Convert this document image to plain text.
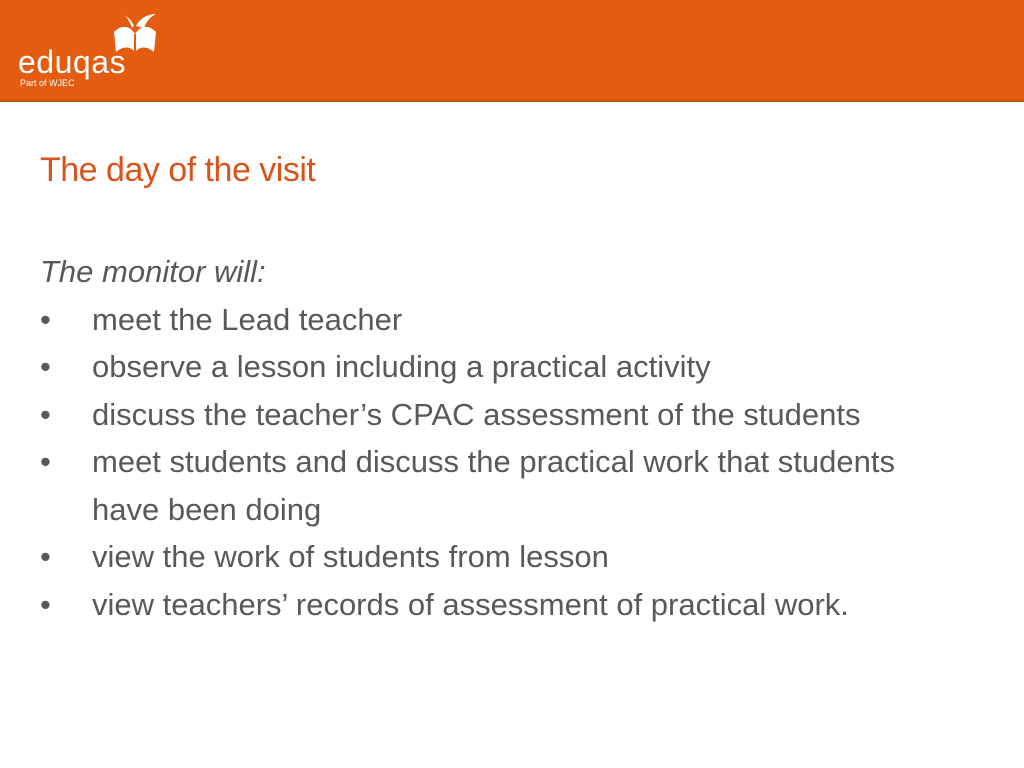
eduqas
Part of WJEC
The day of the visit

The monitor will:

• meet the Lead teacher
• observe a lesson including a practical activity
• discuss the teacher’s CPAC assessment of the students
• meet students and discuss the practical work that students have been doing
• view the work of students from lesson
• view teachers’ records of assessment of practical work.
